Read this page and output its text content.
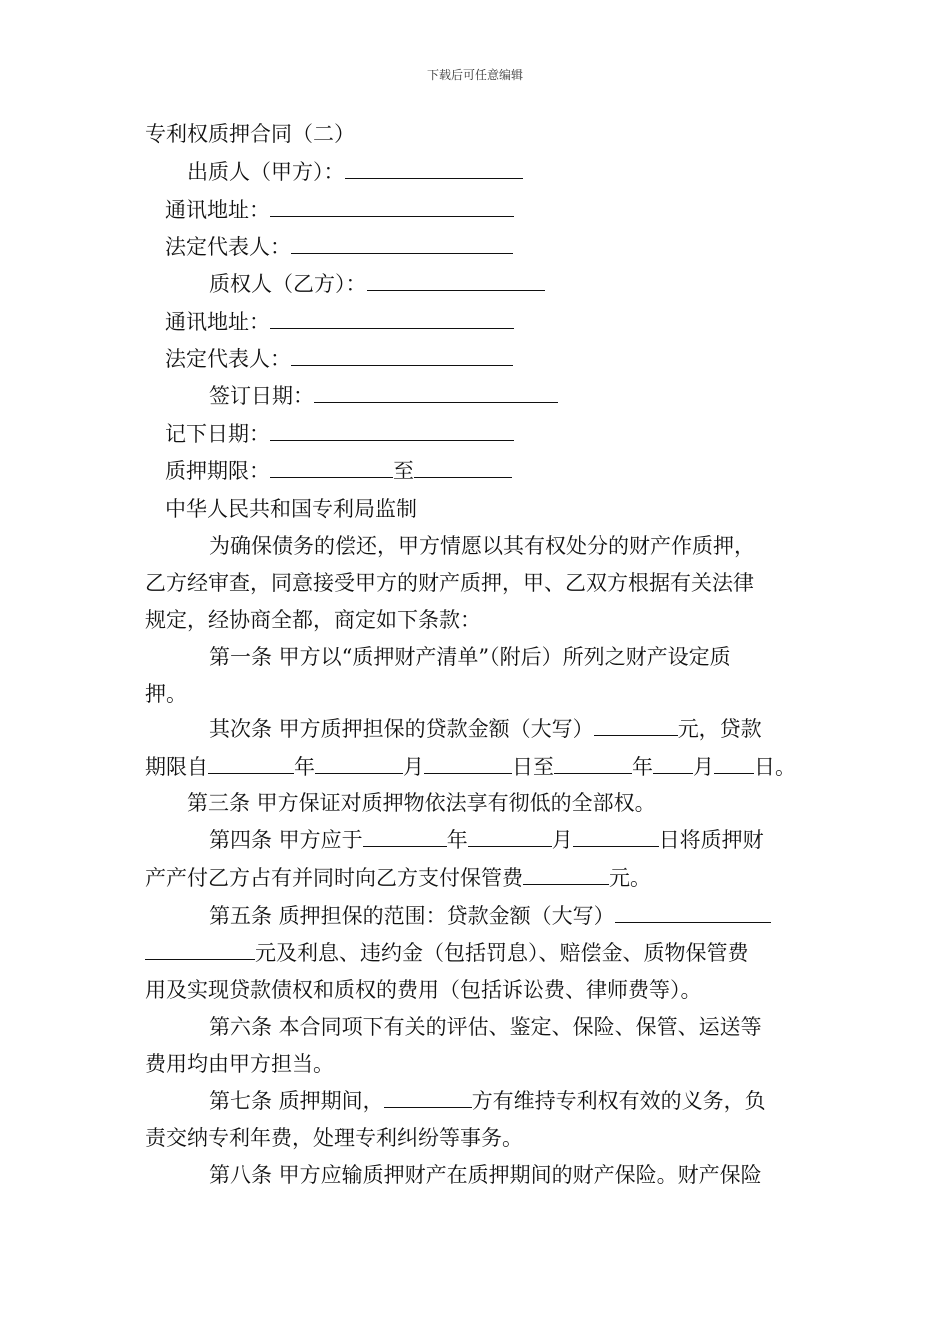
下载后可任意编辑
专利权质押合同（二）
出质人（甲方）：
通讯地址：
法定代表人：
质权人（乙方）：
通讯地址：
法定代表人：
签订日期：
记下日期：
质押期限：	至
中华人民共和国专利局监制
为确保债务的偿还，甲方情愿以其有权处分的财产作质押，
乙方经审查，同意接受甲方的财产质押，甲、乙双方根据有关法律
规定，经协商全都，商定如下条款：
第一条 甲方以“质押财产清单”（附后）所列之财产设定质
押。
其次条 甲方质押担保的贷款金额（大写）	元，贷款
期限自	年	月	日至	年 月 日。
第三条 甲方保证对质押物依法享有彻低的全部权。
第四条 甲方应于	年	月	日将质押财
产产付乙方占有并同时向乙方支付保管费	元。
第五条 质押担保的范围：贷款金额（大写）
元及利息、违约金（包括罚息）、赔偿金、质物保管费
用及实现贷款债权和质权的费用（包括诉讼费、律师费等）。
第六条 本合同项下有关的评估、鉴定、保险、保管、运送等
费用均由甲方担当。
第七条 质押期间，	方有维持专利权有效的义务，负
责交纳专利年费，处理专利纠纷等事务。
第八条 甲方应输质押财产在质押期间的财产保险。财产保险
